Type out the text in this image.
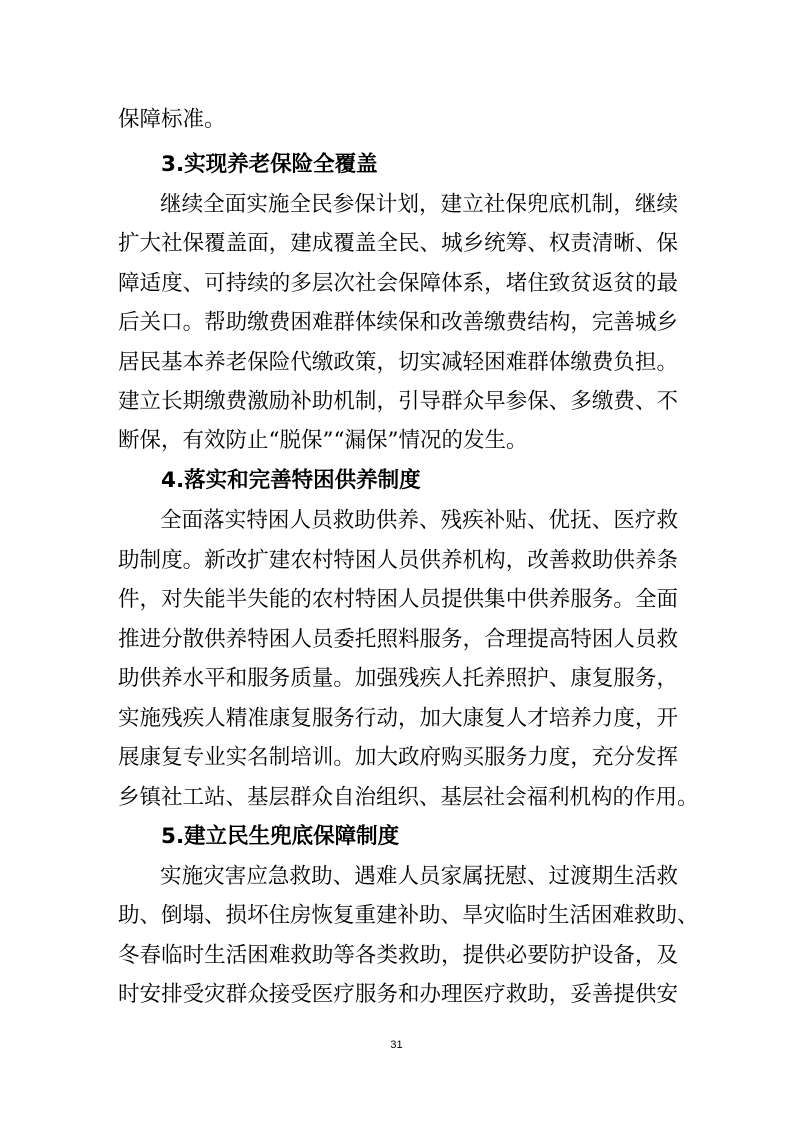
保障标准。
3.实现养老保险全覆盖
继续全面实施全民参保计划，建立社保兜底机制，继续
扩大社保覆盖面，建成覆盖全民、城乡统筹、权责清晰、保
障适度、可持续的多层次社会保障体系，堵住致贫返贫的最
后关口。帮助缴费困难群体续保和改善缴费结构，完善城乡
居民基本养老保险代缴政策，切实减轻困难群体缴费负担。
建立长期缴费激励补助机制，引导群众早参保、多缴费、不
断保，有效防止“脱保”“漏保”情况的发生。
4.落实和完善特困供养制度
全面落实特困人员救助供养、残疾补贴、优抚、医疗救
助制度。新改扩建农村特困人员供养机构，改善救助供养条
件，对失能半失能的农村特困人员提供集中供养服务。全面
推进分散供养特困人员委托照料服务，合理提高特困人员救
助供养水平和服务质量。加强残疾人托养照护、康复服务，
实施残疾人精准康复服务行动，加大康复人才培养力度，开
展康复专业实名制培训。加大政府购买服务力度，充分发挥
乡镇社工站、基层群众自治组织、基层社会福利机构的作用。
5.建立民生兜底保障制度
实施灾害应急救助、遇难人员家属抚慰、过渡期生活救
助、倒塌、损坏住房恢复重建补助、旱灾临时生活困难救助、
冬春临时生活困难救助等各类救助，提供必要防护设备，及
时安排受灾群众接受医疗服务和办理医疗救助，妥善提供安
31
